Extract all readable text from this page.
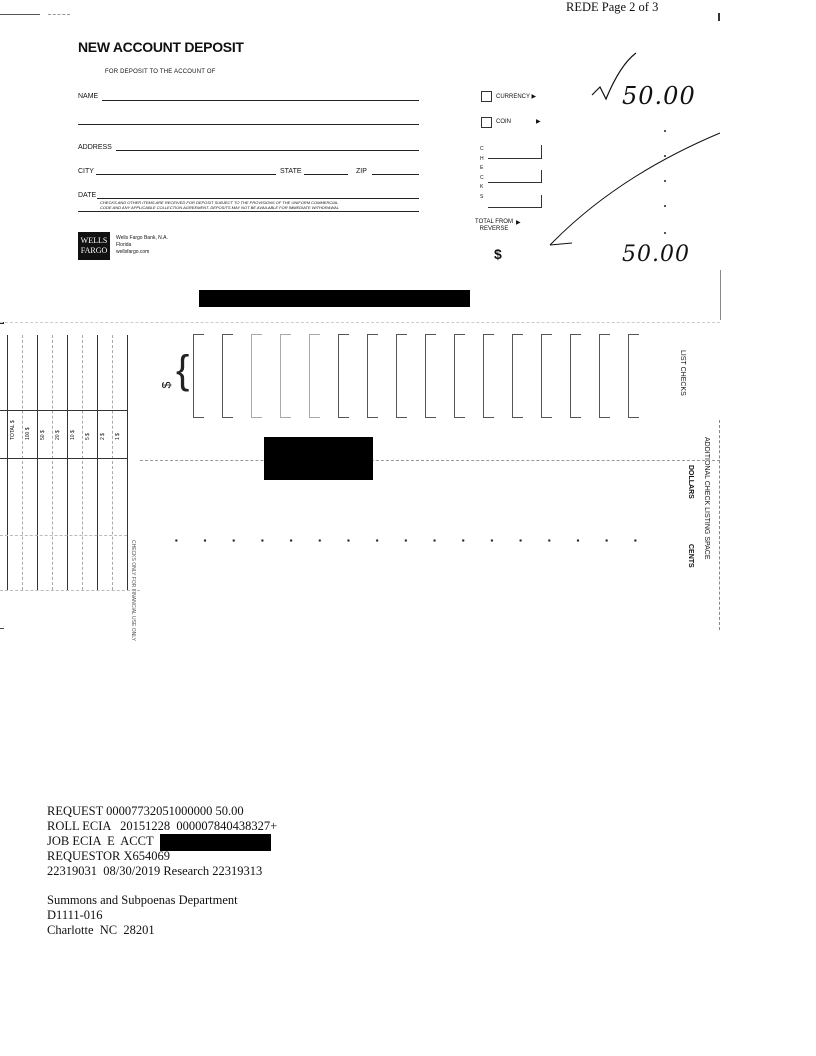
REDE Page 2 of 3
NEW ACCOUNT DEPOSIT
FOR DEPOSIT TO THE ACCOUNT OF
NAME
ADDRESS
CITY	STATE	ZIP
DATE
CHECKS AND OTHER ITEMS ARE RECEIVED FOR DEPOSIT SUBJECT TO THE PROVISIONS OF THE UNIFORM COMMERCIAL
CODE AND ANY APPLICABLE COLLECTION AGREEMENT. DEPOSITS MAY NOT BE AVAILABLE FOR IMMEDIATE WITHDRAWAL
WELLS
FARGO
Wells Fargo Bank, N.A.
Florida
wellsfargo.com
CURRENCY ▶
COIN	▶
C
H
E
C
K
S
TOTAL FROM
REVERSE
▶
$
50.00
50.00
TOTAL $ 100 $ 50 $ 20 $ 10 $ 5 $ 2 $ 1 $
CHECKS ONLY FOR FINANCIAL USE ONLY
$ {	LIST CHECKS
ADDITIONAL CHECK LISTING SPACE
DOLLARS
CENTS
REQUEST 00007732051000000 50.00
ROLL ECIA   20151228  000007840438327+
JOB ECIA  E  ACCT
REQUESTOR X654069
22319031  08/30/2019 Research 22319313
Summons and Subpoenas Department
D1111-016
Charlotte  NC  28201
